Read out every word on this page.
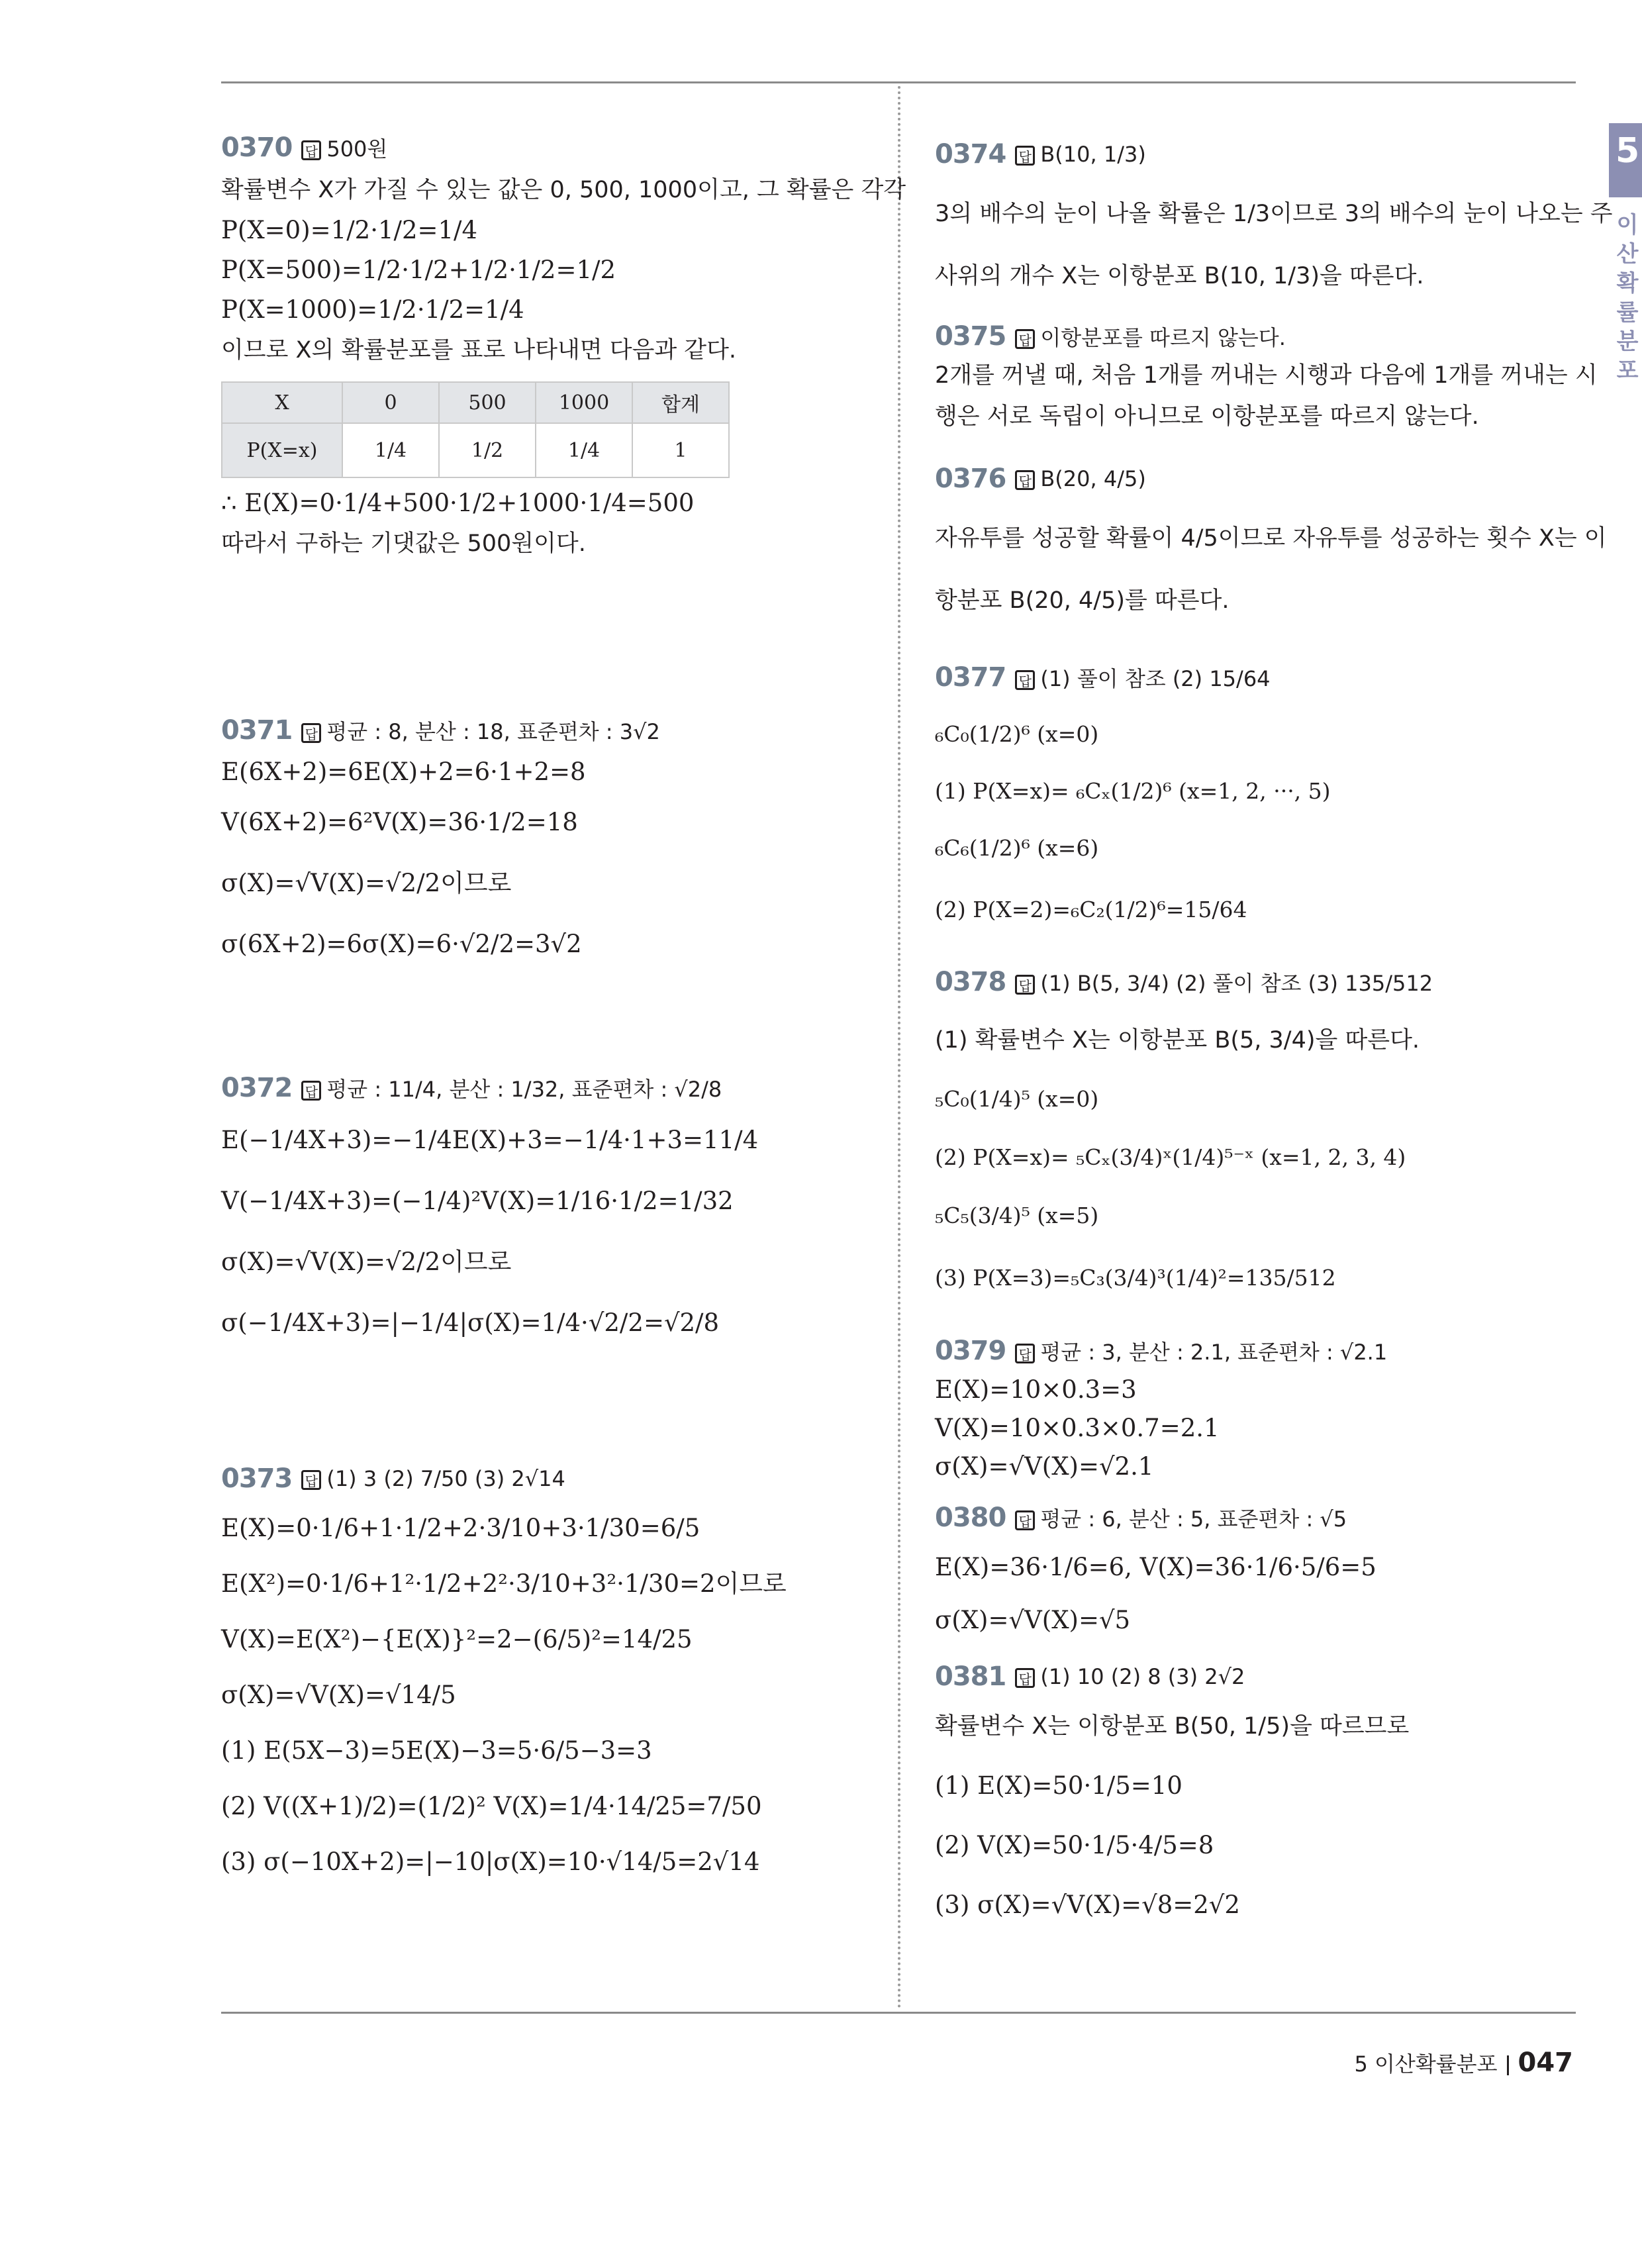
5
이산확률분포
0370 답 500원
확률변수 X가 가질 수 있는 값은 0, 500, 1000이고, 그 확률은 각각
P(X=0)=1/2·1/2=1/4
P(X=500)=1/2·1/2+1/2·1/2=1/2
P(X=1000)=1/2·1/2=1/4
이므로 X의 확률분포를 표로 나타내면 다음과 같다.
X	0	500	1000	합계
P(X=x)	1/4	1/2	1/4	1
∴ E(X)=0·1/4+500·1/2+1000·1/4=500
따라서 구하는 기댓값은 500원이다.
0371 답 평균 : 8, 분산 : 18, 표준편차 : 3√2
E(6X+2)=6E(X)+2=6·1+2=8
V(6X+2)=6²V(X)=36·1/2=18
σ(X)=√V(X)=√2/2이므로
σ(6X+2)=6σ(X)=6·√2/2=3√2
0372 답 평균 : 11/4, 분산 : 1/32, 표준편차 : √2/8
E(−1/4X+3)=−1/4E(X)+3=−1/4·1+3=11/4
V(−1/4X+3)=(−1/4)²V(X)=1/16·1/2=1/32
σ(X)=√V(X)=√2/2이므로
σ(−1/4X+3)=|−1/4|σ(X)=1/4·√2/2=√2/8
0373 답 (1) 3 (2) 7/50 (3) 2√14
E(X)=0·1/6+1·1/2+2·3/10+3·1/30=6/5
E(X²)=0·1/6+1²·1/2+2²·3/10+3²·1/30=2이므로
V(X)=E(X²)−{E(X)}²=2−(6/5)²=14/25
σ(X)=√V(X)=√14/5
(1) E(5X−3)=5E(X)−3=5·6/5−3=3
(2) V((X+1)/2)=(1/2)² V(X)=1/4·14/25=7/50
(3) σ(−10X+2)=|−10|σ(X)=10·√14/5=2√14
0374 답 B(10, 1/3)
3의 배수의 눈이 나올 확률은 1/3이므로 3의 배수의 눈이 나오는 주
사위의 개수 X는 이항분포 B(10, 1/3)을 따른다.
0375 답 이항분포를 따르지 않는다.
2개를 꺼낼 때, 처음 1개를 꺼내는 시행과 다음에 1개를 꺼내는 시
행은 서로 독립이 아니므로 이항분포를 따르지 않는다.
0376 답 B(20, 4/5)
자유투를 성공할 확률이 4/5이므로 자유투를 성공하는 횟수 X는 이
항분포 B(20, 4/5)를 따른다.
0377 답 (1) 풀이 참조 (2) 15/64
₆C₀(1/2)⁶ (x=0)
(1) P(X=x)= ₆Cₓ(1/2)⁶ (x=1, 2, ···, 5)
₆C₆(1/2)⁶ (x=6)
(2) P(X=2)=₆C₂(1/2)⁶=15/64
0378 답 (1) B(5, 3/4) (2) 풀이 참조 (3) 135/512
(1) 확률변수 X는 이항분포 B(5, 3/4)을 따른다.
₅C₀(1/4)⁵ (x=0)
(2) P(X=x)= ₅Cₓ(3/4)ˣ(1/4)⁵⁻ˣ (x=1, 2, 3, 4)
₅C₅(3/4)⁵ (x=5)
(3) P(X=3)=₅C₃(3/4)³(1/4)²=135/512
0379 답 평균 : 3, 분산 : 2.1, 표준편차 : √2.1
E(X)=10×0.3=3
V(X)=10×0.3×0.7=2.1
σ(X)=√V(X)=√2.1
0380 답 평균 : 6, 분산 : 5, 표준편차 : √5
E(X)=36·1/6=6, V(X)=36·1/6·5/6=5
σ(X)=√V(X)=√5
0381 답 (1) 10 (2) 8 (3) 2√2
확률변수 X는 이항분포 B(50, 1/5)을 따르므로
(1) E(X)=50·1/5=10
(2) V(X)=50·1/5·4/5=8
(3) σ(X)=√V(X)=√8=2√2
5 이산확률분포 047
